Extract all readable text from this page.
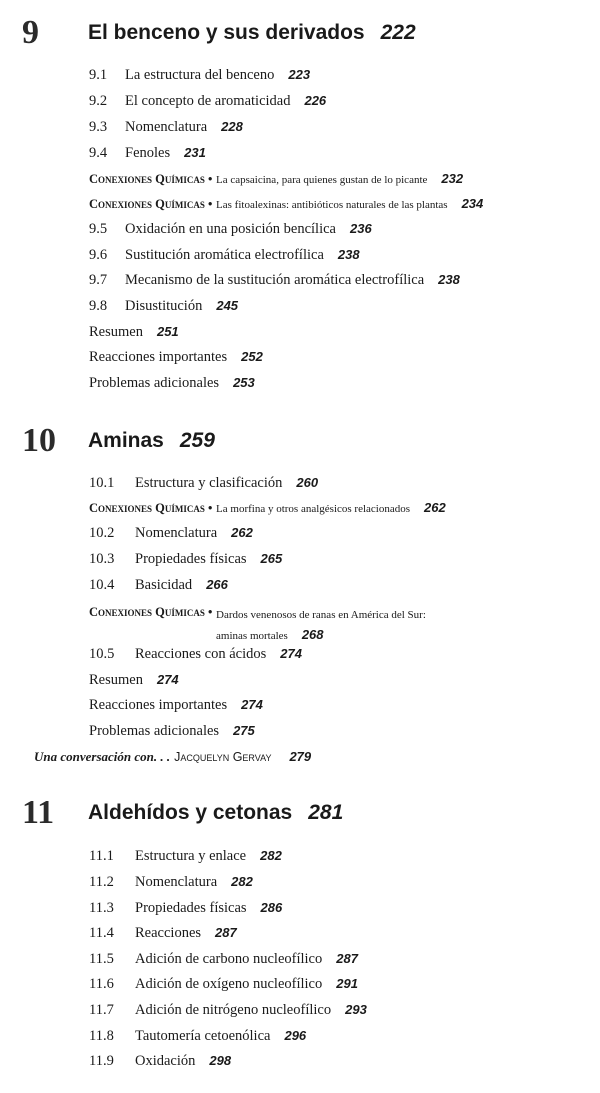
9 El benceno y sus derivados 222
10 Aminas 259
11 Aldehídos y cetonas 281
Una conversación con. . . Jacquelyn Gervay 279
9.1 La estructura del benceno 223
9.2 El concepto de aromaticidad 226
9.3 Nomenclatura 228
9.4 Fenoles 231
Conexiones Químicas • La capsaicina, para quienes gustan de lo picante 232
Conexiones Químicas • Las fitoalexinas: antibióticos naturales de las plantas 234
9.5 Oxidación en una posición bencílica 236
9.6 Sustitución aromática electrofílica 238
9.7 Mecanismo de la sustitución aromática electrofílica 238
9.8 Disustitución 245
Resumen 251
Reacciones importantes 252
Problemas adicionales 253
10.1 Estructura y clasificación 260
Conexiones Químicas • La morfina y otros analgésicos relacionados 262
10.2 Nomenclatura 262
10.3 Propiedades físicas 265
10.4 Basicidad 266
Conexiones Químicas • Dardos venenosos de ranas en América del Sur:
aminas mortales 268
10.5 Reacciones con ácidos 274
Resumen 274
Reacciones importantes 274
Problemas adicionales 275
11.1 Estructura y enlace 282
11.2 Nomenclatura 282
11.3 Propiedades físicas 286
11.4 Reacciones 287
11.5 Adición de carbono nucleofílico 287
11.6 Adición de oxígeno nucleofílico 291
11.7 Adición de nitrógeno nucleofílico 293
11.8 Tautomería cetoenólica 296
11.9 Oxidación 298
